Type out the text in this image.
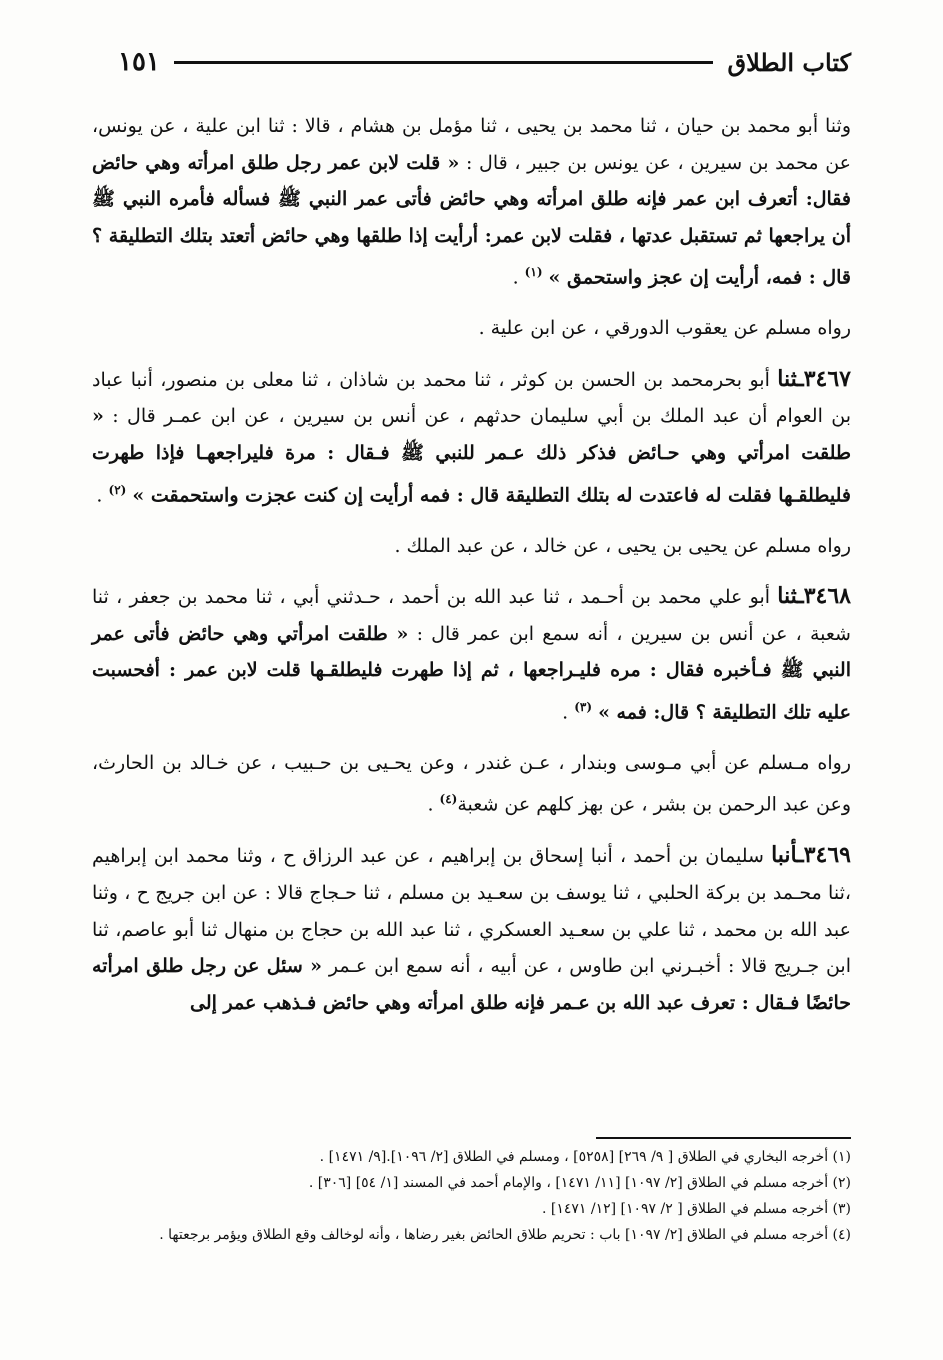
١٥١	كتاب الطلاق

وثنا أبو محمد بن حيان ، ثنا محمد بن يحيى ، ثنا مؤمل بن هشام ، قالا : ثنا ابن علية ، عن يونس، عن محمد بن سيرين ، عن يونس بن جبير ، قال : « قلت لابن عمر رجل طلق امرأته وهي حائض فقال: أتعرف ابن عمر فإنه طلق امرأته وهي حائض فأتى عمر النبي ﷺ فسأله فأمره النبي ﷺ أن يراجعها ثم تستقبل عدتها ، فقلت لابن عمر: أرأيت إذا طلقها وهي حائض أتعتد بتلك التطليقة ؟ قال : فمه، أرأيت إن عجز واستحمق » $^{(١)}$ .

رواه مسلم عن يعقوب الدورقي ، عن ابن علية .

٣٤٦٧ـثنا أبو بحرمحمد بن الحسن بن كوثر ، ثنا محمد بن شاذان ، ثنا معلى بن منصور، أنبا عباد بن العوام أن عبد الملك بن أبي سليمان حدثهم ، عن أنس بن سيرين ، عن ابن عمـر قال : « طلقت امرأتي وهي حـائض فذكر ذلك عـمر للنبي ﷺ فـقال : مرة فليراجعهـا فإذا طهرت فليطلقـها فقلت له فاعتدت له بتلك التطليقة قال : فمه أرأيت إن كنت عجزت واستحمقت » $^{(٢)}$ .

رواه مسلم عن يحيى بن يحيى ، عن خالد ، عن عبد الملك .

٣٤٦٨ـثنا أبو علي محمد بن أحـمد ، ثنا عبد الله بن أحمد ، حـدثني أبي ، ثنا محمد بن جعفر ، ثنا شعبة ، عن أنس بن سيرين ، أنه سمع ابن عمر قال : « طلقت امرأتي وهي حائض فأتى عمر النبي ﷺ فـأخبره فقال : مره فليـراجعها ، ثم إذا طهرت فليطلقـها قلت لابن عمر : أفحسبت عليه تلك التطليقة ؟ قال: فمه » $^{(٣)}$ .

رواه مـسلم عن أبي مـوسى وبندار ، عـن غندر ، وعن يحـيى بن حـبيب ، عن خـالد بن الحارث، وعن عبد الرحمن بن بشر ، عن بهز كلهم عن شعبة$^{(٤)}$ .

٣٤٦٩ـأنبا سليمان بن أحمد ، أنبا إسحاق بن إبراهيم ، عن عبد الرزاق ح ، وثنا محمد ابن إبراهيم ،ثنا محـمد بن بركة الحلبي ، ثنا يوسف بن سعـيد بن مسلم ، ثنا حـجاج قالا : عن ابن جريج ح ، وثنا عبد الله بن محمد ، ثنا علي بن سعـيد العسكري ، ثنا عبد الله بن حجاج بن منهال ثنا أبو عاصم، ثنا ابن جـريج قالا : أخبـرني ابن طاوس ، عن أبيه ، أنه سمع ابن عـمر « سئل عن رجل طلق امرأته حائضًا فـقال : تعرف عبد الله بن عـمر فإنه طلق امرأته وهي حائض فـذهب عمر إلى

(١) أخرجه البخاري في الطلاق [ ٩/ ٢٦٩] [٥٢٥٨] ، ومسلم في الطلاق [٢/ ١٠٩٦].[٩/ ١٤٧١] .

(٢) أخرجه مسلم في الطلاق [٢/ ١٠٩٧] [١١/ ١٤٧١] ، والإمام أحمد في المسند [١/ ٥٤] [٣٠٦] .

(٣) أخرجه مسلم في الطلاق [ ٢/ ١٠٩٧] [١٢/ ١٤٧١] .

(٤) أخرجه مسلم في الطلاق [٢/ ١٠٩٧] باب : تحريم طلاق الحائض بغير رضاها ، وأنه لوخالف وقع الطلاق ويؤمر برجعتها .
